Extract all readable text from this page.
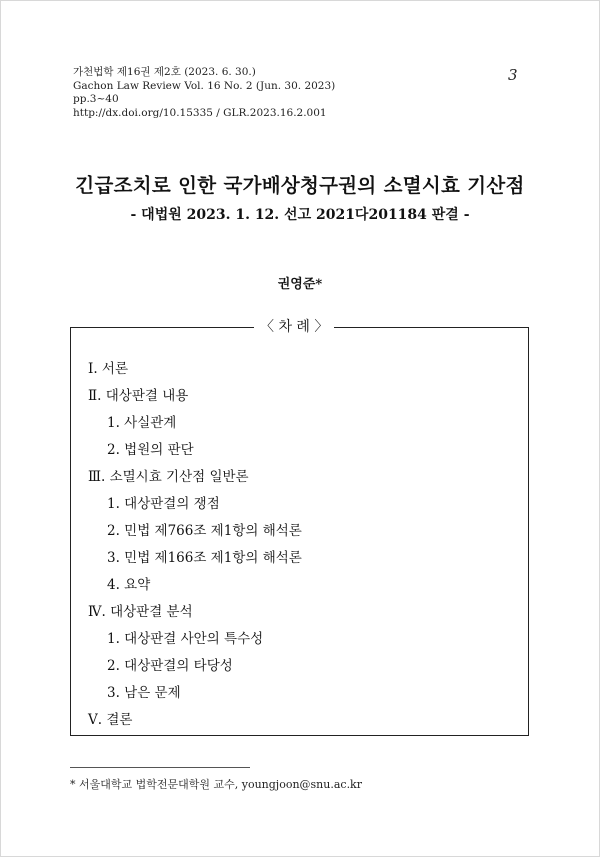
가천법학 제16권 제2호 (2023. 6. 30.)
Gachon Law Review Vol. 16 No. 2 (Jun. 30. 2023)
pp.3~40
http://dx.doi.org/10.15335 / GLR.2023.16.2.001
3
긴급조치로 인한 국가배상청구권의 소멸시효 기산점
- 대법원 2023. 1. 12. 선고 2021다201184 판결 -
권영준*
Ⅰ. 서론
Ⅱ. 대상판결 내용
1. 사실관계
2. 법원의 판단
Ⅲ. 소멸시효 기산점 일반론
1. 대상판결의 쟁점
2. 민법 제766조 제1항의 해석론
3. 민법 제166조 제1항의 해석론
4. 요약
Ⅳ. 대상판결 분석
1. 대상판결 사안의 특수성
2. 대상판결의 타당성
3. 남은 문제
Ⅴ. 결론
〈 차 례 〉
* 서울대학교 법학전문대학원 교수, youngjoon@snu.ac.kr
